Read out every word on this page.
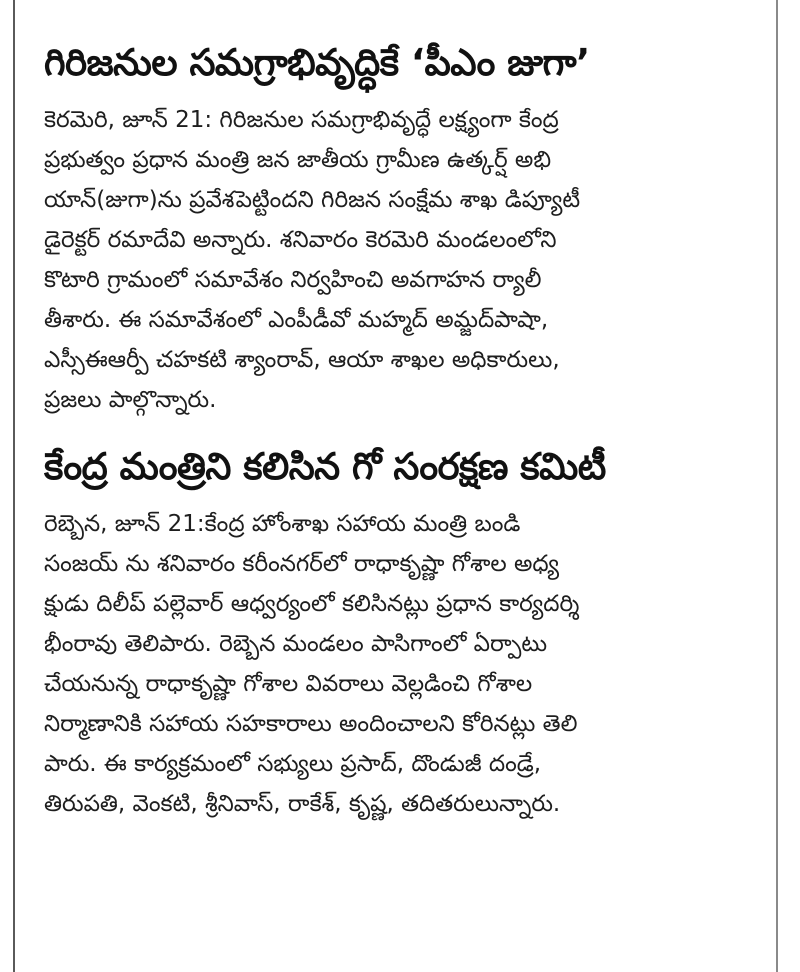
గిరిజనుల సమగ్రాభివృద్ధికే ‘పీఎం జుగా’

కెరమెరి, జూన్ 21: గిరిజనుల సమగ్రాభివృద్ధే లక్ష్యంగా కేంద్ర
ప్రభుత్వం ప్రధాన మంత్రి జన జాతీయ గ్రామీణ ఉత్కర్ష్ అభి
యాన్(జుగా)ను ప్రవేశపెట్టిందని గిరిజన సంక్షేమ శాఖ డిప్యూటీ
డైరెక్టర్ రమాదేవి అన్నారు. శనివారం కెరమెరి మండలంలోని
కొటారి గ్రామంలో సమావేశం నిర్వహించి అవగాహన ర్యాలీ
తీశారు. ఈ సమావేశంలో ఎంపీడీవో మహ్మద్ అమ్జద్‌పాషా,
ఎస్సీఈఆర్పీ చహకటి శ్యాంరావ్, ఆయా శాఖల అధికారులు,
ప్రజలు పాల్గొన్నారు.

కేంద్ర మంత్రిని కలిసిన గో సంరక్షణ కమిటీ

రెబ్బెన, జూన్ 21:కేంద్ర హోంశాఖ సహాయ మంత్రి బండి
సంజయ్ ను శనివారం కరీంనగర్‌లో రాధాకృష్ణా గోశాల అధ్య
క్షుడు దిలీప్ పల్లెవార్ ఆధ్వర్యంలో కలిసినట్లు ప్రధాన కార్యదర్శి
భీంరావు తెలిపారు. రెబ్బెన మండలం పాసిగాంలో ఏర్పాటు
చేయనున్న రాధాకృష్ణా గోశాల వివరాలు వెల్లడించి గోశాల
నిర్మాణానికి సహాయ సహకారాలు అందించాలని కోరినట్లు తెలి
పారు. ఈ కార్యక్రమంలో సభ్యులు ప్రసాద్, దొండుజీ దండ్రే,
తిరుపతి, వెంకటి, శ్రీనివాస్, రాకేశ్, కృష్ణ, తదితరులున్నారు.
